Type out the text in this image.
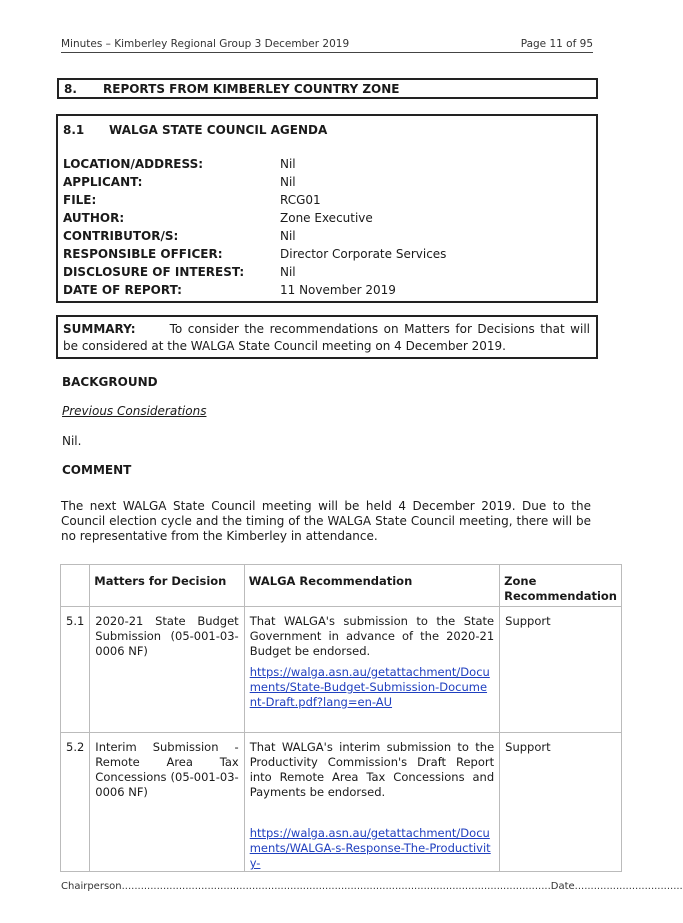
Minutes – Kimberley Regional Group 3 December 2019	Page 11 of 95
8. REPORTS FROM KIMBERLEY COUNTRY ZONE
8.1 WALGA STATE COUNCIL AGENDA
LOCATION/ADDRESS:	Nil
APPLICANT:	Nil
FILE:	RCG01
AUTHOR:	Zone Executive
CONTRIBUTOR/S:	Nil
RESPONSIBLE OFFICER:	Director Corporate Services
DISCLOSURE OF INTEREST:	Nil
DATE OF REPORT:	11 November 2019
SUMMARY:	To consider the recommendations on Matters for Decisions that will be considered at the WALGA State Council meeting on 4 December 2019.
BACKGROUND
Previous Considerations
Nil.
COMMENT
The next WALGA State Council meeting will be held 4 December 2019. Due to the Council election cycle and the timing of the WALGA State Council meeting, there will be no representative from the Kimberley in attendance.
	Matters for Decision	WALGA Recommendation	Zone Recommendation
5.1	2020-21 State Budget Submission (05-001-03-0006 NF)	That WALGA's submission to the State Government in advance of the 2020-21 Budget be endorsed.
https://walga.asn.au/getattachment/Documents/State-Budget-Submission-Document-Draft.pdf?lang=en-AU	Support
5.2	Interim Submission - Remote Area Tax Concessions (05-001-03-0006 NF)	That WALGA's interim submission to the Productivity Commission's Draft Report into Remote Area Tax Concessions and Payments be endorsed.
https://walga.asn.au/getattachment/Documents/WALGA-s-Response-The-Productivity-	Support
Chairperson.......................................................................................................................................Date..................................
